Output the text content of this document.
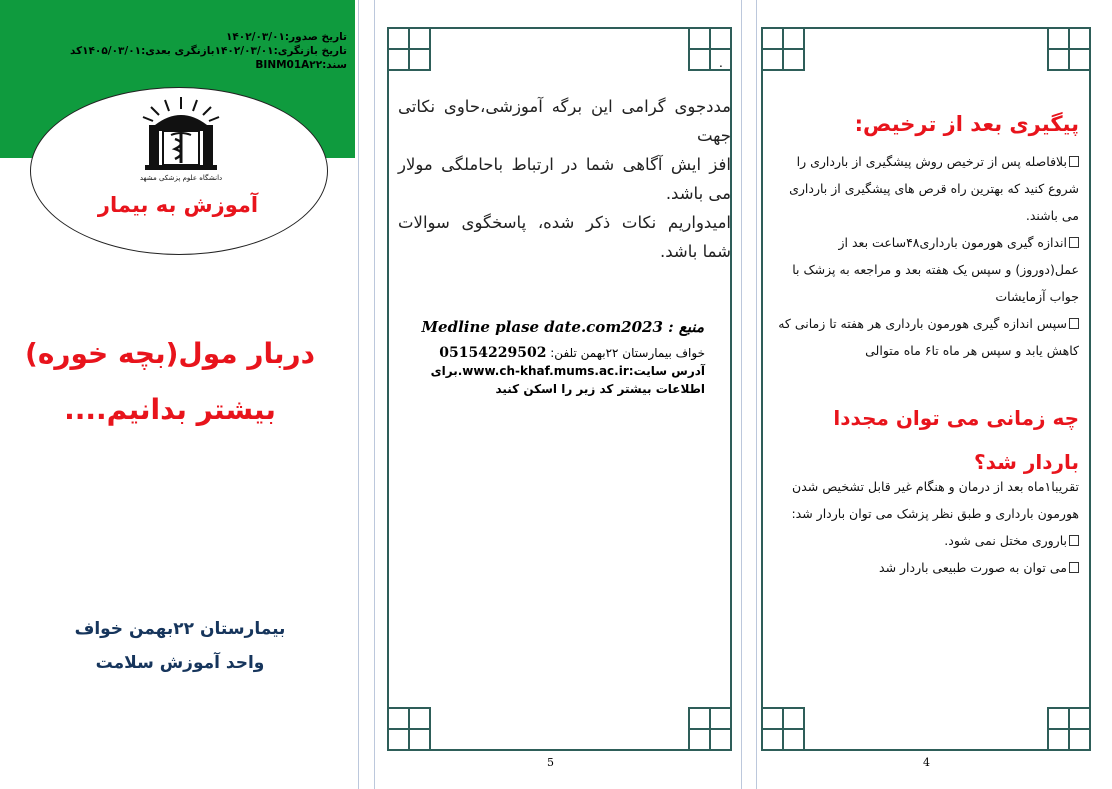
تاریخ صدور:۱۴۰۲/۰۳/۰۱
تاریخ بازنگری:۱۴۰۲/۰۳/۰۱بازنگری بعدی:۱۴۰۵/۰۳/۰۱کد
سند:BINM01A۲۲
دانشگاه علوم پزشکی مشهد
آموزش به بیمار
دربار مول(بچه خوره)
بیشتر بدانیم....
بیمارستان ۲۲بهمن خواف
واحد آموزش سلامت
.

مددجوی گرامی این برگه آموزشی،حاوی نکاتی جهت

افز ایش آگاهی شما در ارتباط باحاملگی مولار می باشد.

امیدواریم نکات ذکر شده، پاسخگوی سوالات شما باشد.

منبع : Medline plase date.com2023
خواف بیمارستان ۲۲بهمن تلفن: 05154229502
آدرس سایت:www.ch-khaf.mums.ac.ir.برای
اطلاعات بیشتر کد زیر را اسکن کنید
5
پیگیری بعد از ترخیص:
بلافاصله پس از ترخیص روش پیشگیری از بارداری را شروع کنید که بهترین راه قرص های پیشگیری از بارداری می باشند.
اندازه گیری هورمون بارداری۴۸ساعت بعد از عمل(دوروز) و سپس یک هفته بعد و مراجعه به پزشک با جواب آزمایشات
سپس اندازه گیری هورمون بارداری هر هفته تا زمانی که کاهش یابد و سپس هر ماه تا۶ ماه متوالی
چه زمانی می توان مجددا باردار شد؟
تقریبا۱ماه بعد از درمان و هنگام غیر قابل تشخیص شدن هورمون بارداری و طبق نظر پزشک می توان باردار شد:
باروری مختل نمی شود.
می توان به صورت طبیعی باردار شد
4
